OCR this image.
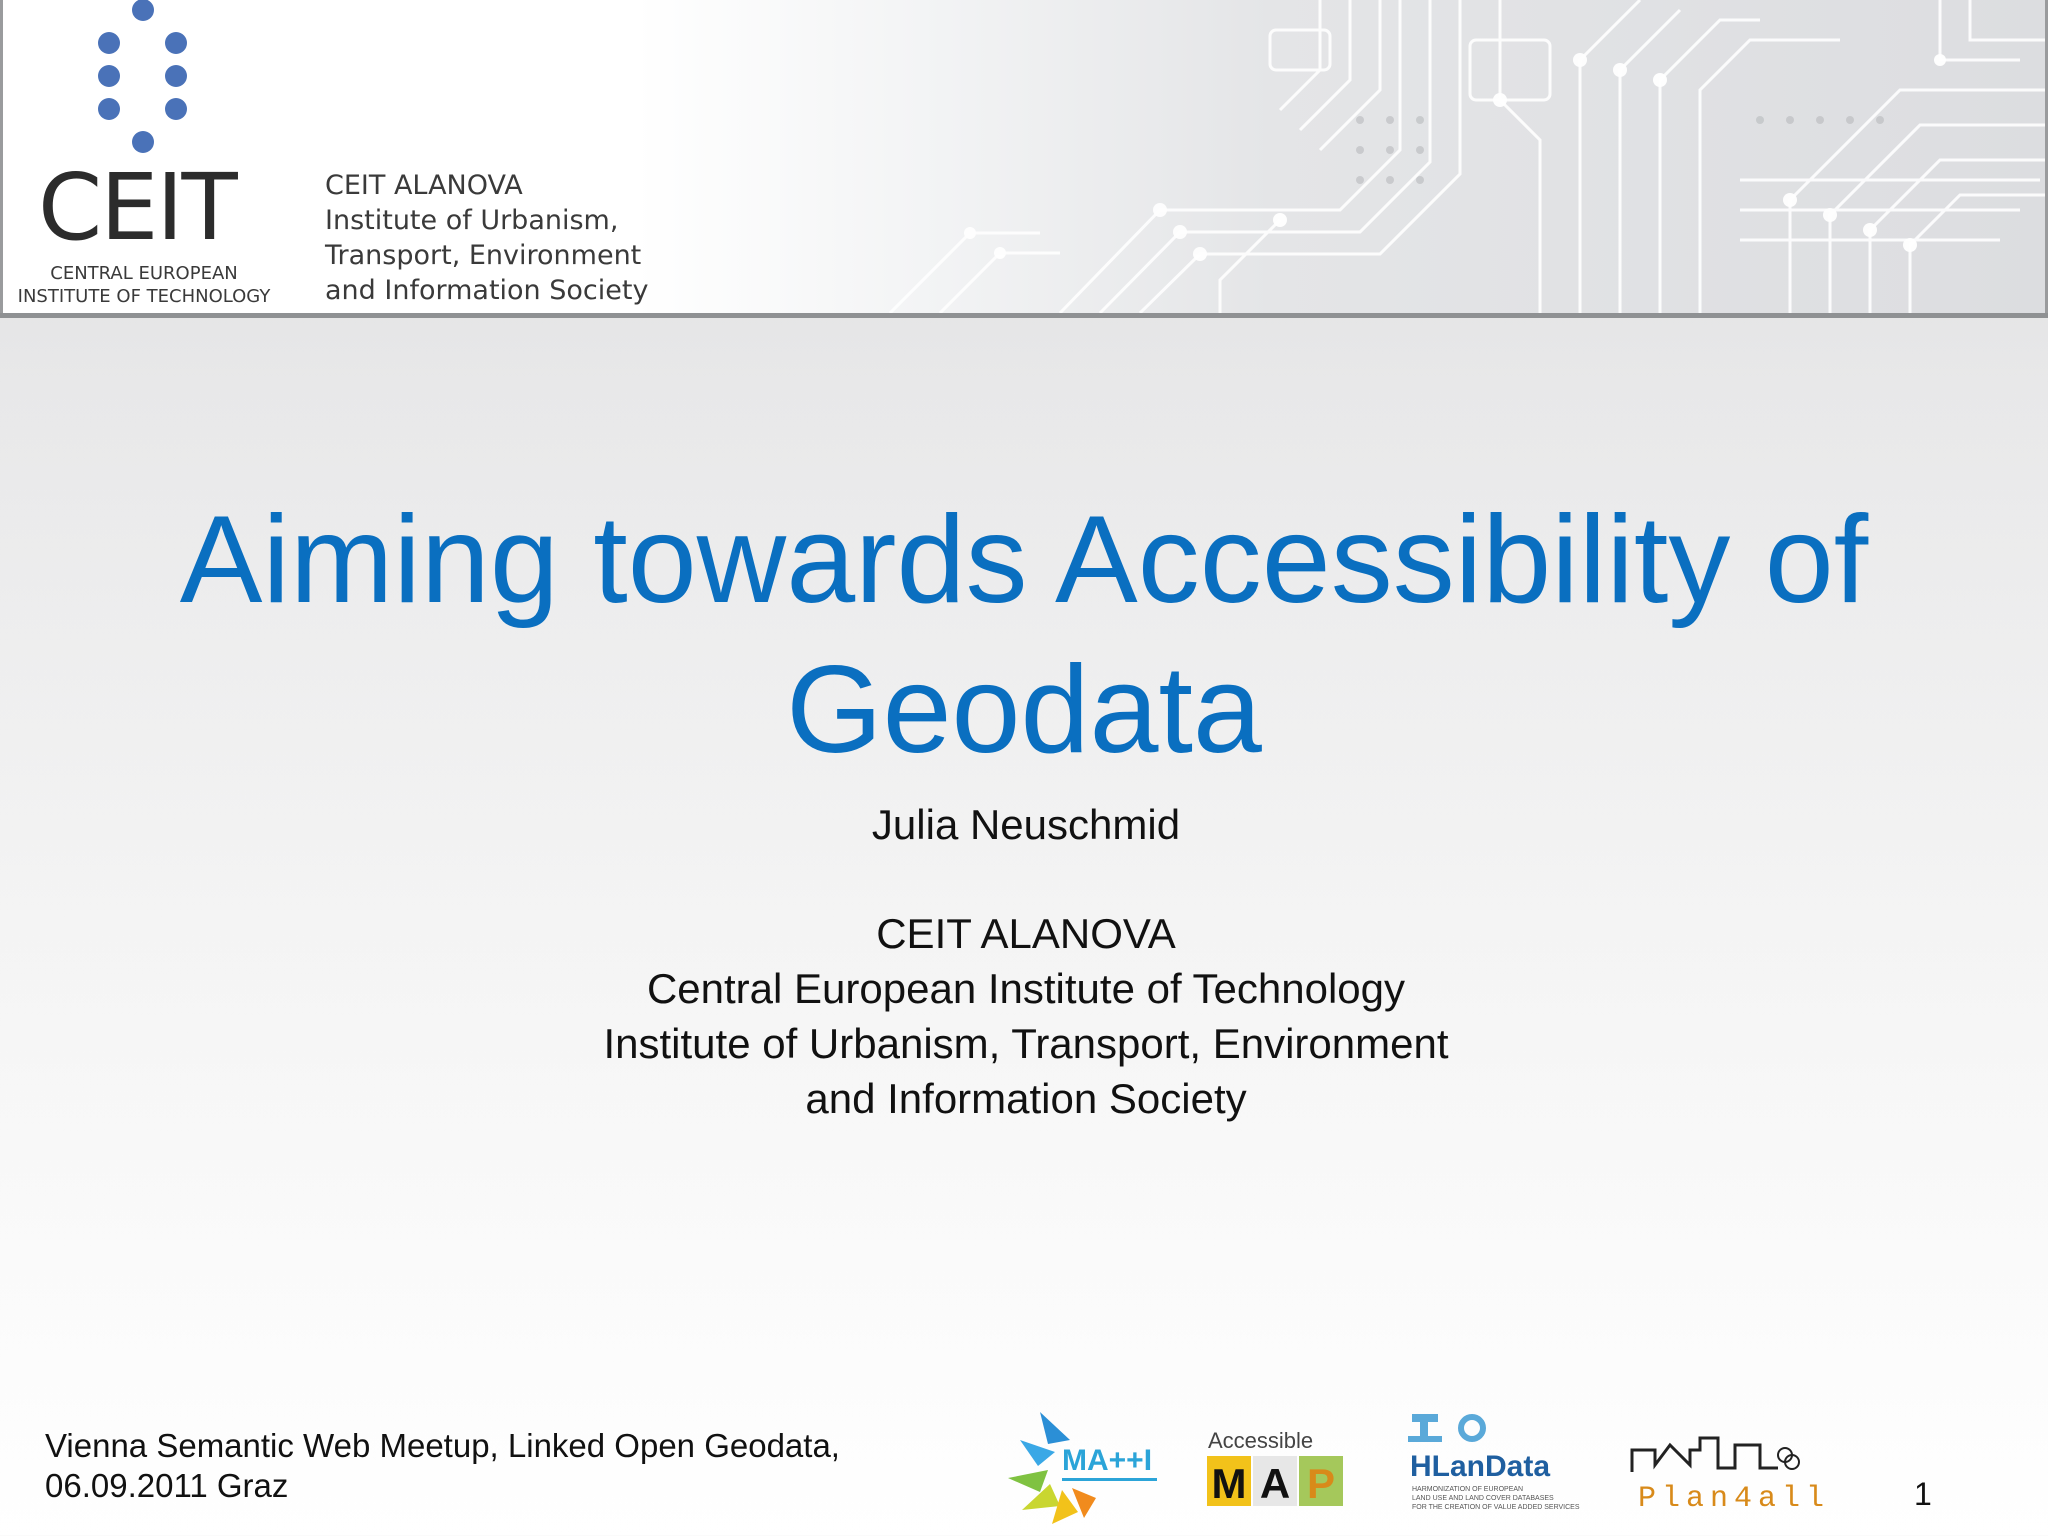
CEIT
CENTRAL EUROPEAN
INSTITUTE OF TECHNOLOGY
CEIT ALANOVA
Institute of Urbanism,
Transport, Environment
and Information Society
Aiming towards Accessibility of Geodata
Julia Neuschmid
CEIT ALANOVA
Central European Institute of Technology
Institute of Urbanism, Transport, Environment
and Information Society
Vienna Semantic Web Meetup, Linked Open Geodata,
06.09.2011 Graz
MA++I
Accessible
M A P HLanData
HARMONIZATION OF EUROPEAN
LAND USE AND LAND COVER DATABASES
FOR THE CREATION OF VALUE ADDED SERVICES Plan4all	1
